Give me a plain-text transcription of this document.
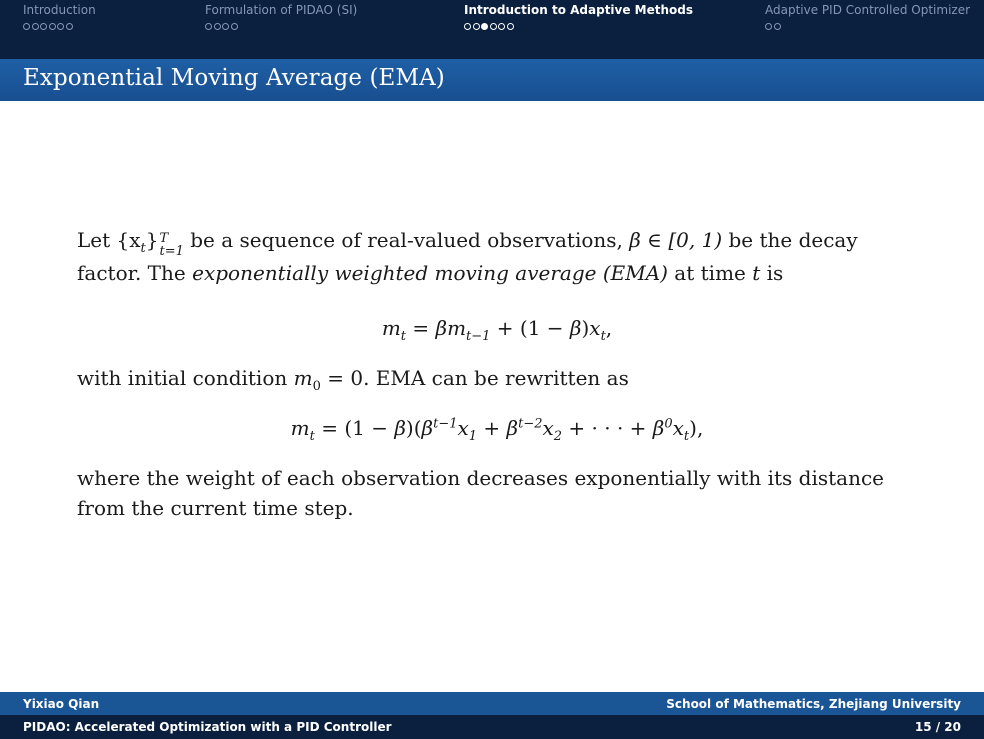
Introduction	Formulation of PIDAO (SI)	Introduction to Adaptive Methods	Adaptive PID Controlled Optimizer
Exponential Moving Average (EMA)

Let $\{x_t\}$ T
t=1 be a sequence of real-valued observations, β ∈ [0, 1) be the decay factor. The exponentially weighted moving average (EMA) at time t is

$m_t = \beta m_{t-1} + (1 - \beta)x_t$,

with initial condition $m_0 = 0$. EMA can be rewritten as

$m_t = (1 - \beta)(\beta^{t-1}x_1 + \beta^{t-2}x_2$ + · · · + $\beta^0x_t$),

where the weight of each observation decreases exponentially with its distance from the current time step.

Yixiao Qian	School of Mathematics, Zhejiang University
PIDAO: Accelerated Optimization with a PID Controller	15 / 20
